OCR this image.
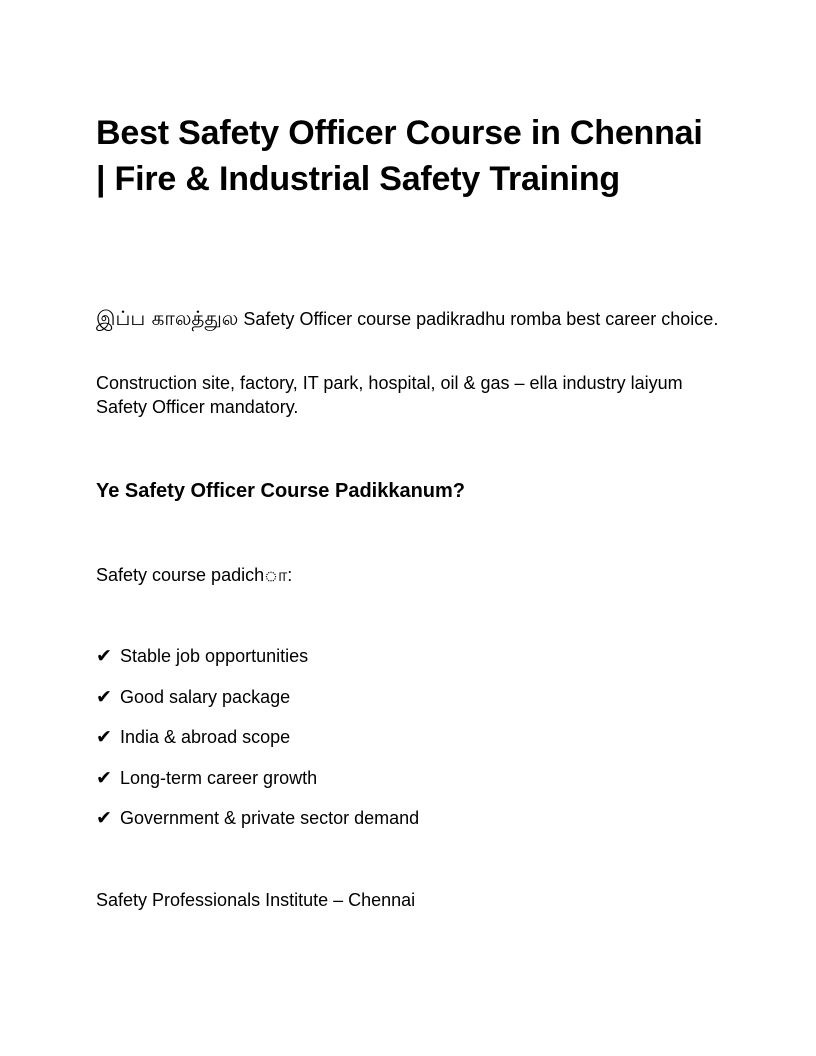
Best Safety Officer Course in Chennai | Fire & Industrial Safety Training

இப்ப காலத்துல Safety Officer course padikradhu romba best career choice.

Construction site, factory, IT park, hospital, oil & gas – ella industry laiyum Safety Officer mandatory.

Ye Safety Officer Course Padikkanum?

Safety course padichா:

✔ Stable job opportunities

✔ Good salary package

✔ India & abroad scope

✔ Long-term career growth

✔ Government & private sector demand

Safety Professionals Institute – Chennai
